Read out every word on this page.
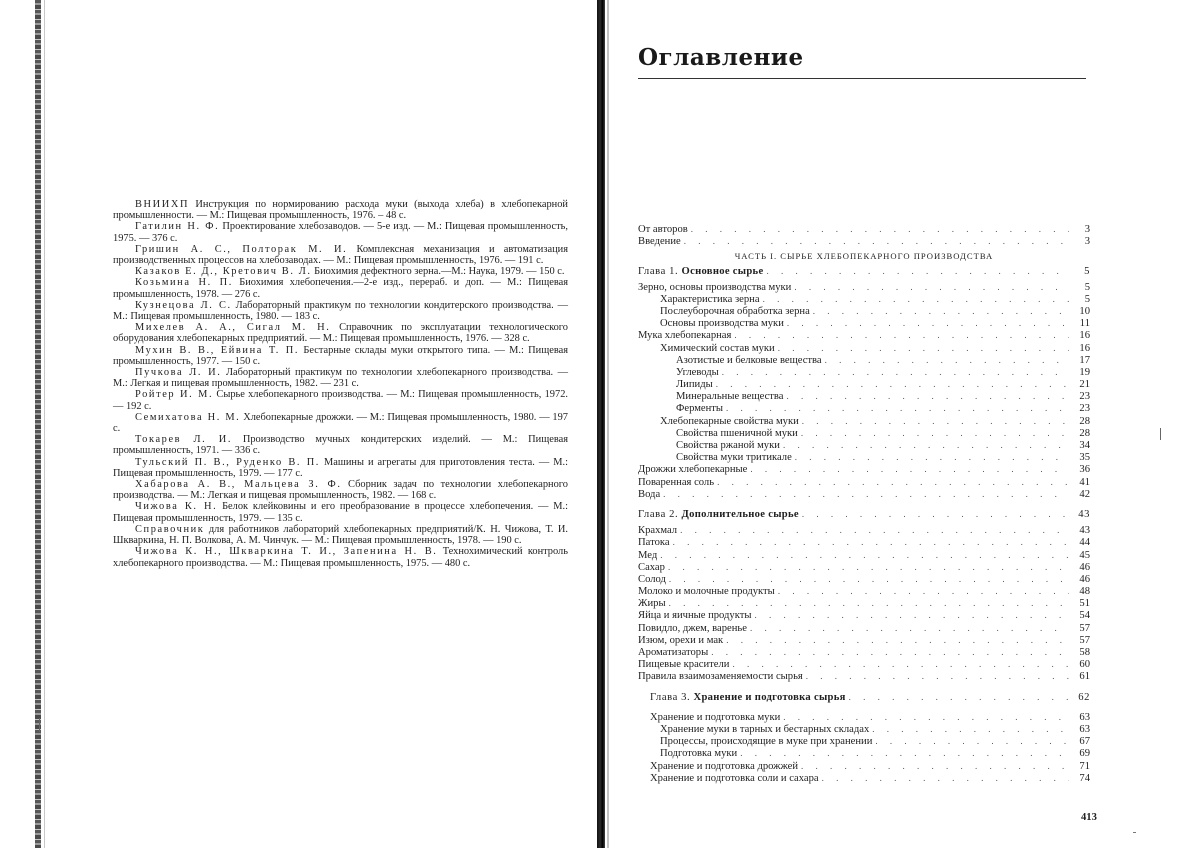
ВНИИХП Инструкция по нормированию расхода муки (выхода хлеба) в хлебопекарной промышленности. — М.: Пищевая промышленность, 1976. – 48 с.

Гатилин Н. Ф. Проектирование хлебозаводов. — 5-е изд. — М.: Пищевая промышленность, 1975. — 376 с.

Гришин А. С., Полторак М. И. Комплексная механизация и автоматизация производственных процессов на хлебозаводах. — М.: Пищевая промышленность, 1976. — 191 с.

Казаков Е. Д., Кретович В. Л. Биохимия дефектного зерна.—М.: Наука, 1979. — 150 с.

Козьмина Н. П. Биохимия хлебопечения.—2-е изд., перераб. и доп. — М.: Пищевая промышленность, 1978. — 276 с.

Кузнецова Л. С. Лабораторный практикум по технологии кондитерского производства. — М.: Пищевая промышленность, 1980. — 183 с.

Михелев А. А., Сигал М. Н. Справочник по эксплуатации технологического оборудования хлебопекарных предприятий. — М.: Пищевая промышленность, 1976. — 328 с.

Мухин В. В., Ейвина Т. П. Бестарные склады муки открытого типа. — М.: Пищевая промышленность, 1977. — 150 с.

Пучкова Л. И. Лабораторный практикум по технологии хлебопекарного производства. — М.: Легкая и пищевая промышленность, 1982. — 231 с.

Ройтер И. М. Сырье хлебопекарного производства. — М.: Пищевая промышленность, 1972. — 192 с.

Семихатова Н. М. Хлебопекарные дрожжи. — М.: Пищевая промышленность, 1980. — 197 с.

Токарев Л. И. Производство мучных кондитерских изделий. — М.: Пищевая промышленность, 1971. — 336 с.

Тульский П. В., Руденко В. П. Машины и агрегаты для приготовления теста. — М.: Пищевая промышленность, 1979. — 177 с.

Хабарова А. В., Мальцева З. Ф. Сборник задач по технологии хлебопекарного производства. — М.: Легкая и пищевая промышленность, 1982. — 168 с.

Чижова К. Н. Белок клейковины и его преобразование в процессе хлебопечения. — М.: Пищевая промышленность, 1979. — 135 с.

Справочник для работников лабораторий хлебопекарных предприятий/К. Н. Чижова, Т. И. Шкваркина, Н. П. Волкова, А. М. Чинчук. — М.: Пищевая промышленность, 1978. — 190 с.

Чижова К. Н., Шкваркина Т. И., Запенина Н. В. Технохимический контроль хлебопекарного производства. — М.: Пищевая промышленность, 1975. — 480 с.

Оглавление
От авторов . . .	3
Введение . . .	3
ЧАСТЬ I. СЫРЬЕ ХЛЕБОПЕКАРНОГО ПРОИЗВОДСТВА
Глава 1. Основное сырье . . .	5
Зерно, основы производства муки . . .	5
Характеристика зерна . . .	5
Послеуборочная обработка зерна . . .	10
Основы производства муки . . .	11
Мука хлебопекарная . . .	16
Химический состав муки . . .	16
Азотистые и белковые вещества . . .	17
Углеводы . . .	19
Липиды . . .	21
Минеральные вещества . . .	23
Ферменты . . .	23
Хлебопекарные свойства муки . . .	28
Свойства пшеничной муки . . .	28
Свойства ржаной муки . . .	34
Свойства муки тритикале . . .	35
Дрожжи хлебопекарные . . .	36
Поваренная соль . . .	41
Вода . . .	42
Глава 2. Дополнительное сырье . . .	43
Крахмал . . .	43
Патока . . .	44
Мед . . .	45
Сахар . . .	46
Солод . . .	46
Молоко и молочные продукты . . .	48
Жиры . . .	51
Яйца и яичные продукты . . .	54
Повидло, джем, варенье . . .	57
Изюм, орехи и мак . . .	57
Ароматизаторы . . .	58
Пищевые красители . . .	60
Правила взаимозаменяемости сырья . . .	61
Глава 3. Хранение и подготовка сырья . . .	62
Хранение и подготовка муки . . .	63
Хранение муки в тарных и бестарных складах . . .	63
Процессы, происходящие в муке при хранении . . .	67
Подготовка муки . . .	69
Хранение и подготовка дрожжей . . .	71
Хранение и подготовка соли и сахара . . .	74
413
